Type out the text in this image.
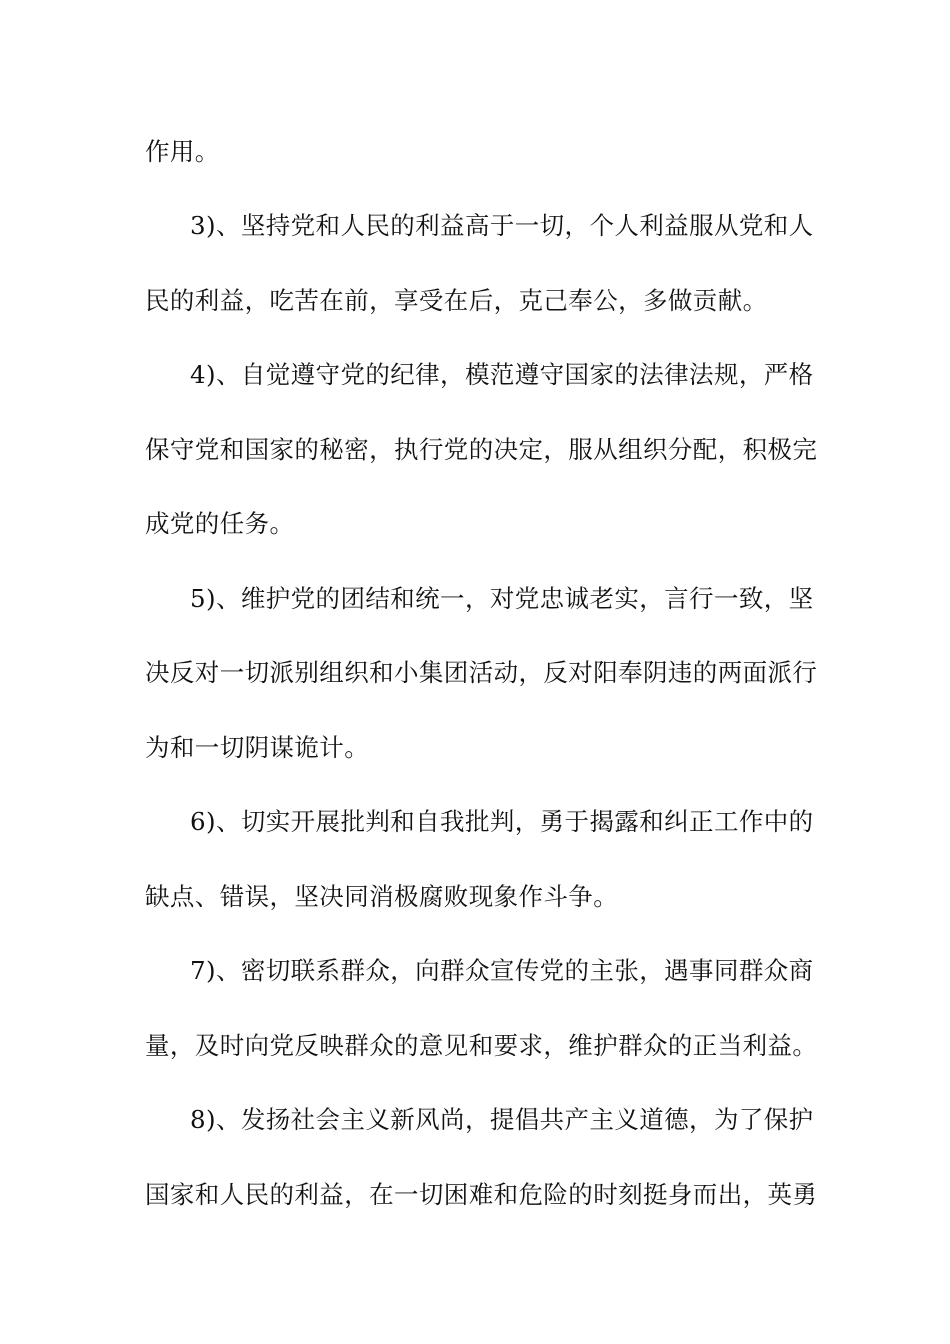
作用。
3)、坚持党和人民的利益高于一切，个人利益服从党和人
民的利益，吃苦在前，享受在后，克己奉公，多做贡献。
4)、自觉遵守党的纪律，模范遵守国家的法律法规，严格
保守党和国家的秘密，执行党的决定，服从组织分配，积极完
成党的任务。
5)、维护党的团结和统一，对党忠诚老实，言行一致，坚
决反对一切派别组织和小集团活动，反对阳奉阴违的两面派行
为和一切阴谋诡计。
6)、切实开展批判和自我批判，勇于揭露和纠正工作中的
缺点、错误，坚决同消极腐败现象作斗争。
7)、密切联系群众，向群众宣传党的主张，遇事同群众商
量，及时向党反映群众的意见和要求，维护群众的正当利益。
8)、发扬社会主义新风尚，提倡共产主义道德，为了保护
国家和人民的利益，在一切困难和危险的时刻挺身而出，英勇
